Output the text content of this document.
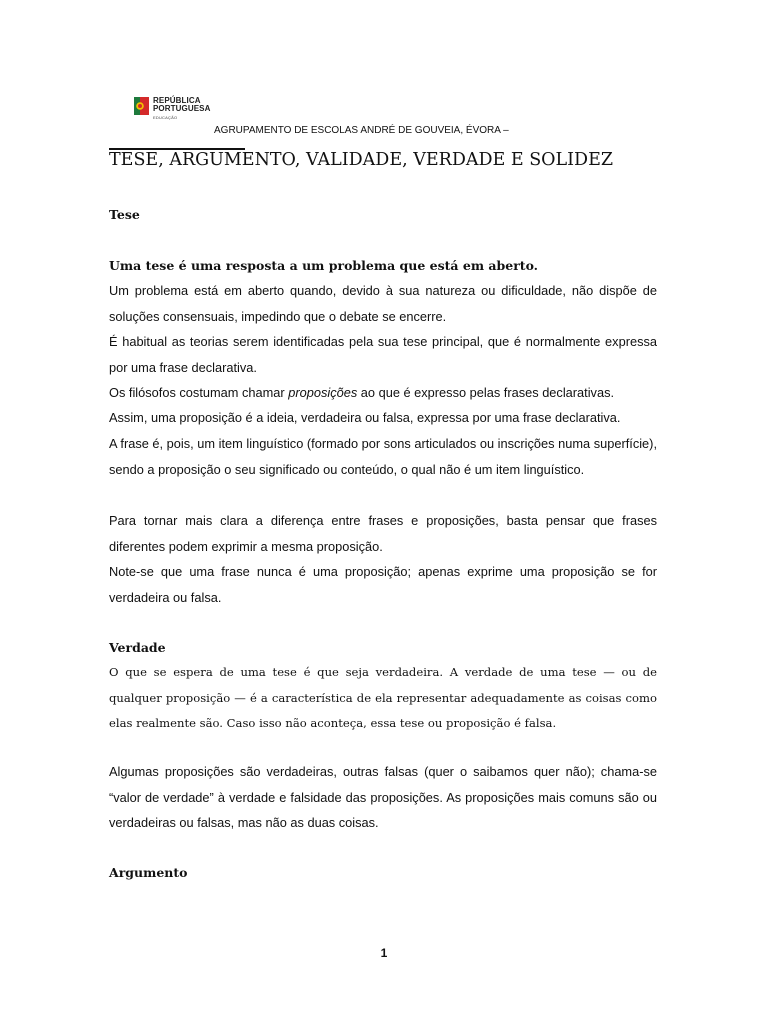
REPÚBLICA
PORTUGUESA
EDUCAÇÃO
AGRUPAMENTO DE ESCOLAS ANDRÉ DE GOUVEIA, ÉVORA –
TESE, ARGUMENTO, VALIDADE, VERDADE E SOLIDEZ
Tese

Uma tese é uma resposta a um problema que está em aberto.

Um problema está em aberto quando, devido à sua natureza ou dificuldade, não dispõe de soluções consensuais, impedindo que o debate se encerre.

É habitual as teorias serem identificadas pela sua tese principal, que é normalmente expressa por uma frase declarativa.

Os filósofos costumam chamar proposições ao que é expresso pelas frases declarativas.

Assim, uma proposição é a ideia, verdadeira ou falsa, expressa por uma frase declarativa.

A frase é, pois, um item linguístico (formado por sons articulados ou inscrições numa superfície), sendo a proposição o seu significado ou conteúdo, o qual não é um item linguístico.

Para tornar mais clara a diferença entre frases e proposições, basta pensar que frases diferentes podem exprimir a mesma proposição.

Note-se que uma frase nunca é uma proposição; apenas exprime uma proposição se for verdadeira ou falsa.

Verdade

O que se espera de uma tese é que seja verdadeira. A verdade de uma tese — ou de qualquer proposição — é a característica de ela representar adequadamente as coisas como elas realmente são. Caso isso não aconteça, essa tese ou proposição é falsa.

Algumas proposições são verdadeiras, outras falsas (quer o saibamos quer não); chama-se “valor de verdade” à verdade e falsidade das proposições. As proposições mais comuns são ou verdadeiras ou falsas, mas não as duas coisas.

Argumento
1
